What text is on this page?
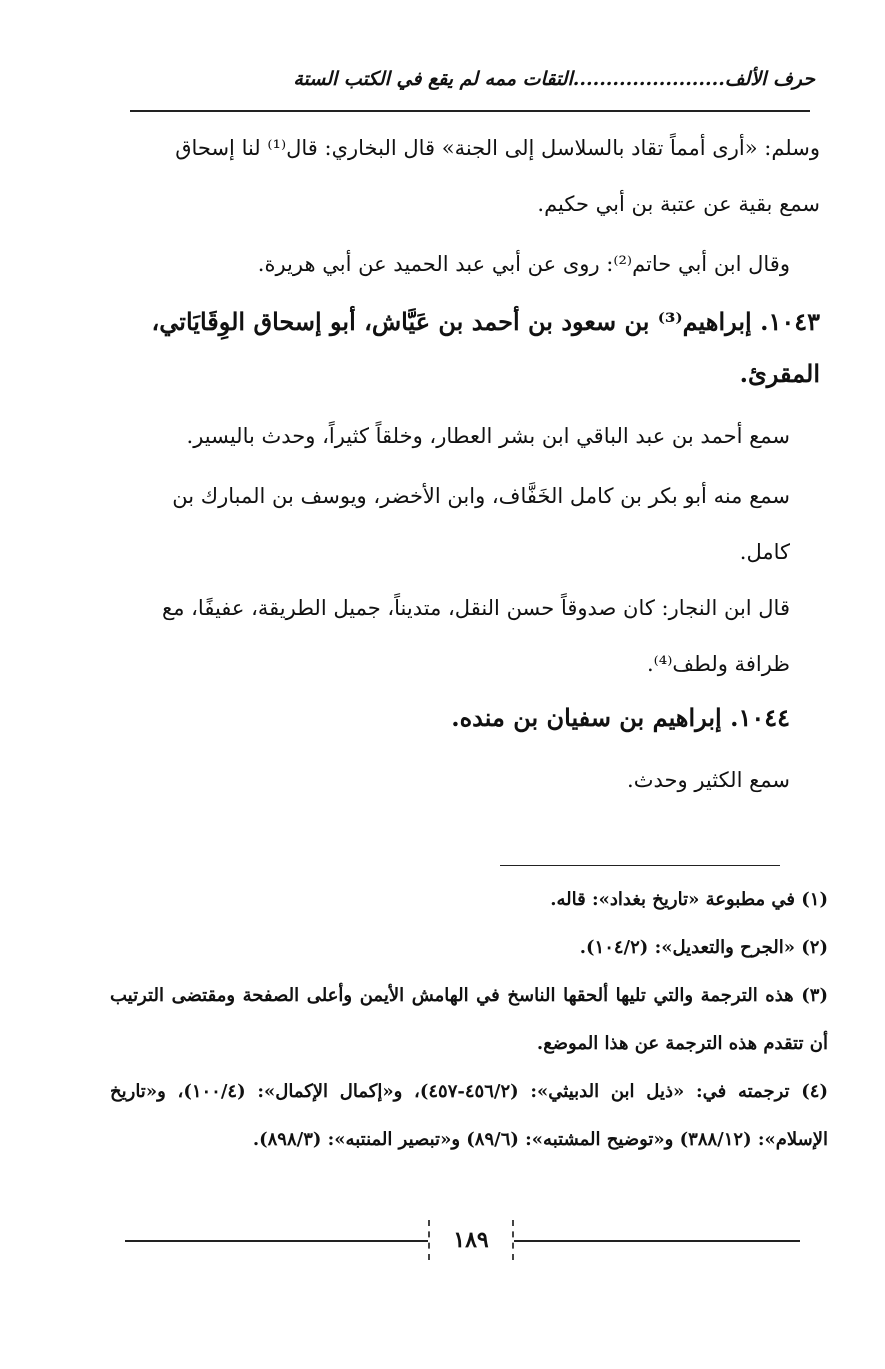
حرف الألف.......................التقات ممه لم يقع في الكتب الستة
وسلم: «أرى أمماً تقاد بالسلاسل إلى الجنة» قال البخاري: قال⁽¹⁾ لنا إسحاق سمع بقية عن عتبة بن أبي حكيم.
وقال ابن أبي حاتم⁽²⁾: روى عن أبي عبد الحميد عن أبي هريرة.
١٠٤٣. إبراهيم⁽³⁾ بن سعود بن أحمد بن عَيَّاش، أبو إسحاق الوِقَايَاتي، المقرئ.
سمع أحمد بن عبد الباقي ابن بشر العطار، وخلقاً كثيراً، وحدث باليسير.
سمع منه أبو بكر بن كامل الخَفَّاف، وابن الأخضر، ويوسف بن المبارك بن كامل.
قال ابن النجار: كان صدوقاً حسن النقل، متديناً، جميل الطريقة، عفيفًا، مع ظرافة ولطف⁽⁴⁾.
١٠٤٤. إبراهيم بن سفيان بن منده.
سمع الكثير وحدث.

(١) في مطبوعة «تاريخ بغداد»: قاله.

(٢) «الجرح والتعديل»: (١٠٤/٢).

(٣) هذه الترجمة والتي تليها ألحقها الناسخ في الهامش الأيمن وأعلى الصفحة ومقتضى الترتيب أن تتقدم هذه الترجمة عن هذا الموضع.

(٤) ترجمته في: «ذيل ابن الدبيثي»: (٤٥٦/٢-٤٥٧)، و«إكمال الإكمال»: (١٠٠/٤)، و«تاريخ الإسلام»: (٣٨٨/١٢) و«توضيح المشتبه»: (٨٩/٦) و«تبصير المنتبه»: (٨٩٨/٣).

١٨٩
